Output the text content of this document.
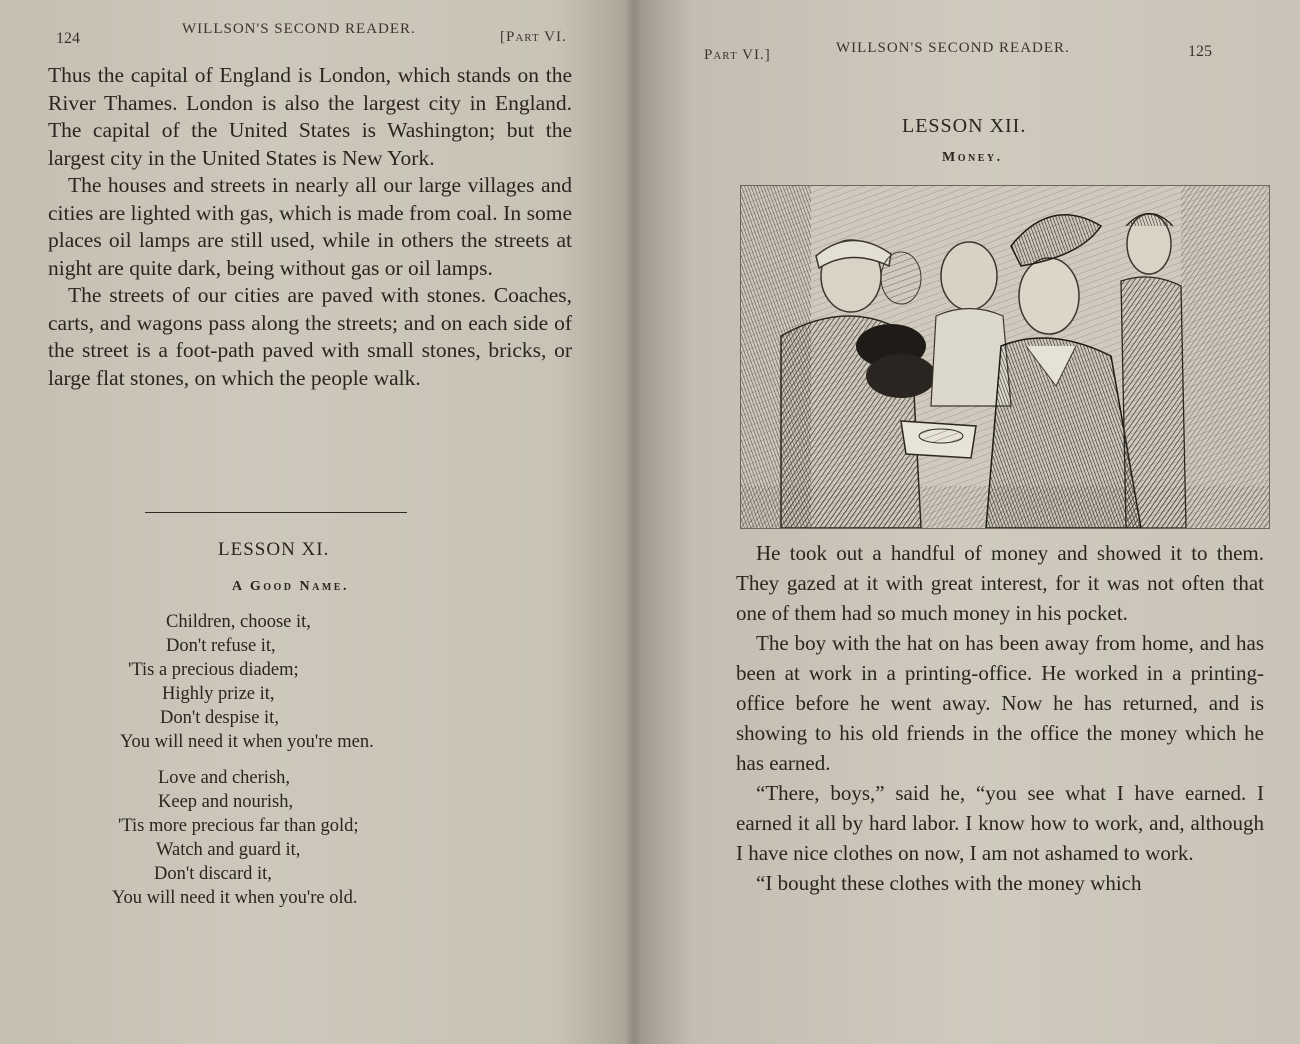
124
WILLSON'S SECOND READER.	[Part VI.

Thus the capital of England is London, which stands on the River Thames. London is also the largest city in England. The capital of the United States is Washington; but the largest city in the United States is New York.

The houses and streets in nearly all our large villages and cities are lighted with gas, which is made from coal. In some places oil lamps are still used, while in others the streets at night are quite dark, being without gas or oil lamps.

The streets of our cities are paved with stones. Coaches, carts, and wagons pass along the streets; and on each side of the street is a foot-path paved with small stones, bricks, or large flat stones, on which the people walk.

LESSON XI.
A Good Name.
Children, choose it,
Don't refuse it,
'Tis a precious diadem;
Highly prize it,
Don't despise it,
You will need it when you're men.
Love and cherish,
Keep and nourish,
'Tis more precious far than gold;
Watch and guard it,
Don't discard it,
You will need it when you're old.
Part VI.]	WILLSON'S SECOND READER.	125
LESSON XII.
Money.

He took out a handful of money and showed it to them. They gazed at it with great interest, for it was not often that one of them had so much money in his pocket.

The boy with the hat on has been away from home, and has been at work in a printing-office. He worked in a printing-office before he went away. Now he has returned, and is showing to his old friends in the office the money which he has earned.

“There, boys,” said he, “you see what I have earned. I earned it all by hard labor. I know how to work, and, although I have nice clothes on now, I am not ashamed to work.

“I bought these clothes with the money which
